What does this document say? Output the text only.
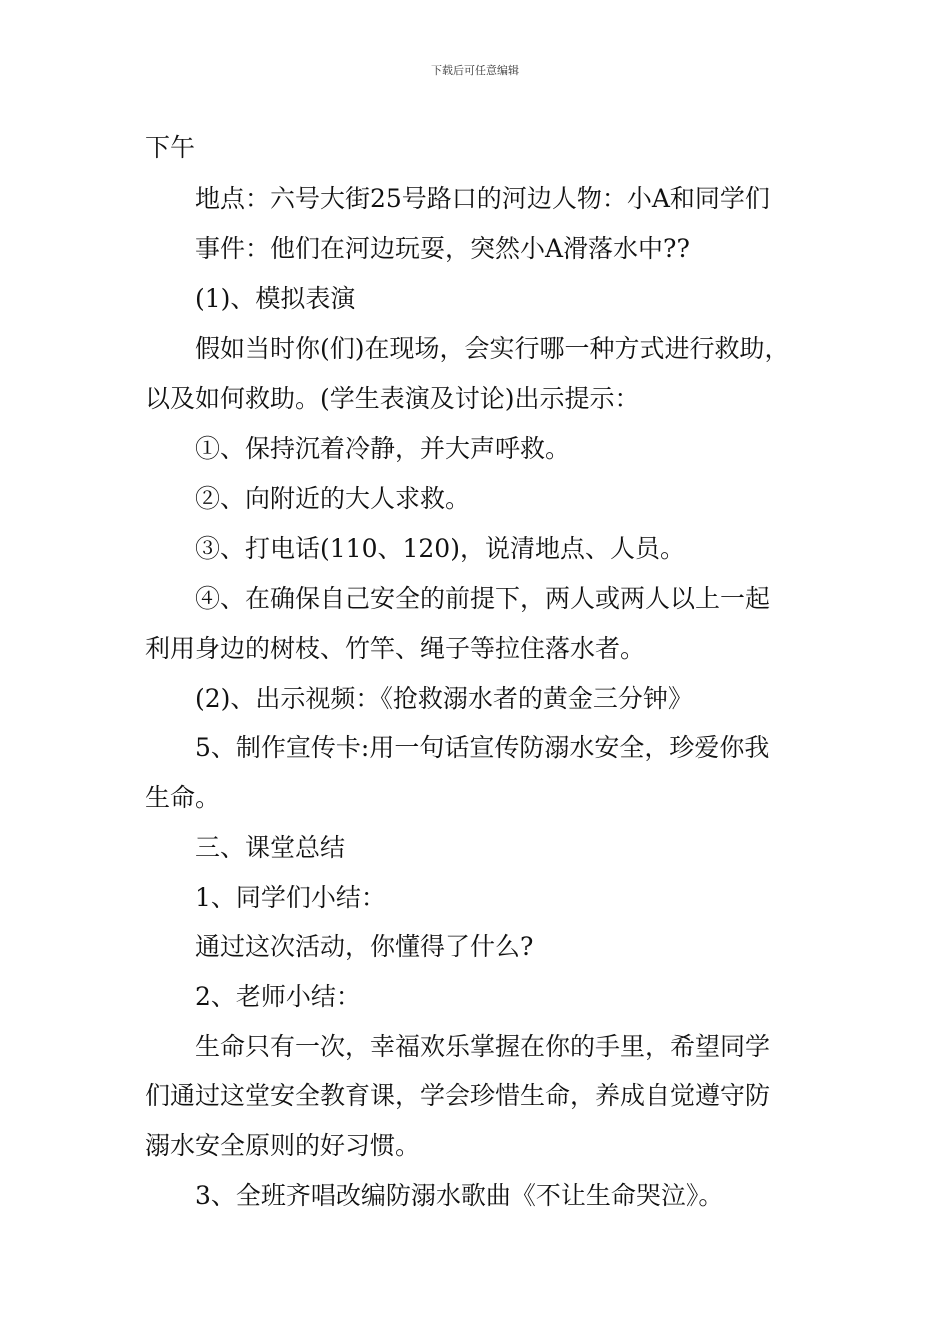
下载后可任意编辑
下午
地点：六号大街25号路口的河边人物：小A和同学们
事件：他们在河边玩耍，突然小A滑落水中??
(1)、模拟表演
假如当时你(们)在现场，会实行哪一种方式进行救助，
以及如何救助。(学生表演及讨论)出示提示：
①、保持沉着冷静，并大声呼救。
②、向附近的大人求救。
③、打电话(110、120)，说清地点、人员。
④、在确保自己安全的前提下，两人或两人以上一起
利用身边的树枝、竹竿、绳子等拉住落水者。
(2)、出示视频：《抢救溺水者的黄金三分钟》
5、制作宣传卡:用一句话宣传防溺水安全，珍爱你我
生命。
三、课堂总结
1、同学们小结：
通过这次活动，你懂得了什么?
2、老师小结：
生命只有一次，幸福欢乐掌握在你的手里，希望同学
们通过这堂安全教育课，学会珍惜生命，养成自觉遵守防
溺水安全原则的好习惯。
3、全班齐唱改编防溺水歌曲《不让生命哭泣》。
